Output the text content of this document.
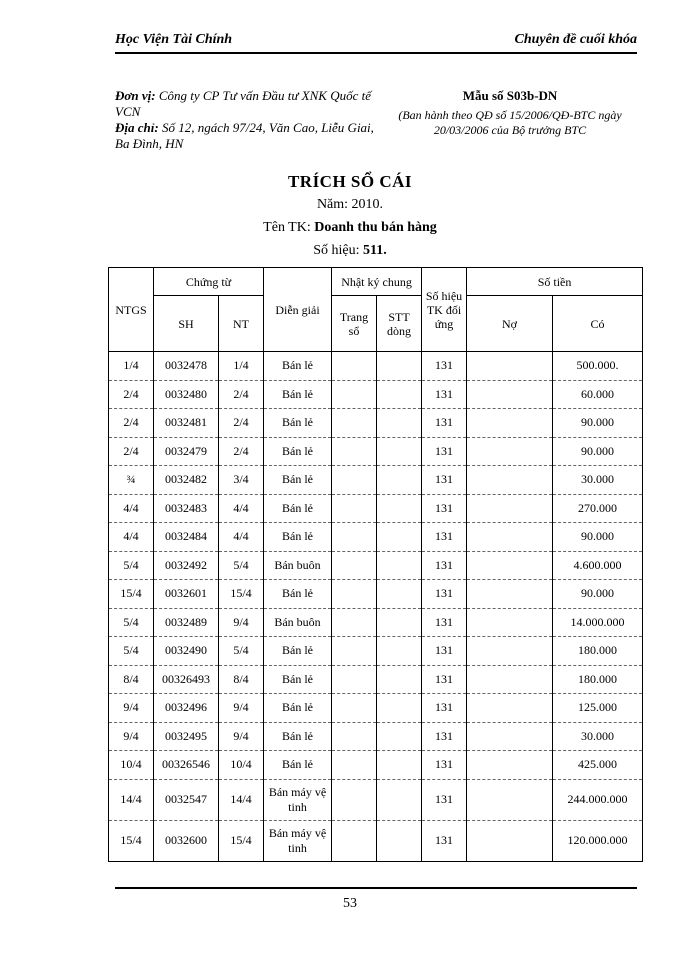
Học Viện Tài Chính	Chuyên đề cuối khóa
Đơn vị: Công ty CP Tư vấn Đầu tư XNK Quốc tế VCN
Địa chỉ: Số 12, ngách 97/24, Văn Cao, Liễu Giai, Ba Đình, HN
Mẫu số S03b-DN
(Ban hành theo QĐ số 15/2006/QĐ-BTC ngày 20/03/2006 của Bộ trưởng BTC
TRÍCH SỔ CÁI
Năm: 2010.
Tên TK: Doanh thu bán hàng
Số hiệu: 511.
NTGS	Chứng từ		Diễn giải	Nhật ký chung		Số hiệu TK đối ứng	Số tiền	
	SH	NT		Trang sổ	STT dòng		Nợ	Có
1/4	0032478	1/4	Bán lẻ			131		500.000.
2/4	0032480	2/4	Bán lẻ			131		60.000
2/4	0032481	2/4	Bán lẻ			131		90.000
2/4	0032479	2/4	Bán lẻ			131		90.000
¾	0032482	3/4	Bán lẻ			131		30.000
4/4	0032483	4/4	Bán lẻ			131		270.000
4/4	0032484	4/4	Bán lẻ			131		90.000
5/4	0032492	5/4	Bán buôn			131		4.600.000
15/4	0032601	15/4	Bán lẻ			131		90.000
5/4	0032489	9/4	Bán buôn			131		14.000.000
5/4	0032490	5/4	Bán lẻ			131		180.000
8/4	00326493	8/4	Bán lẻ			131		180.000
9/4	0032496	9/4	Bán lẻ			131		125.000
9/4	0032495	9/4	Bán lẻ			131		30.000
10/4	00326546	10/4	Bán lẻ			131		425.000
14/4	0032547	14/4	Bán máy vệ tinh			131		244.000.000
15/4	0032600	15/4	Bán máy vệ tinh			131		120.000.000
53
